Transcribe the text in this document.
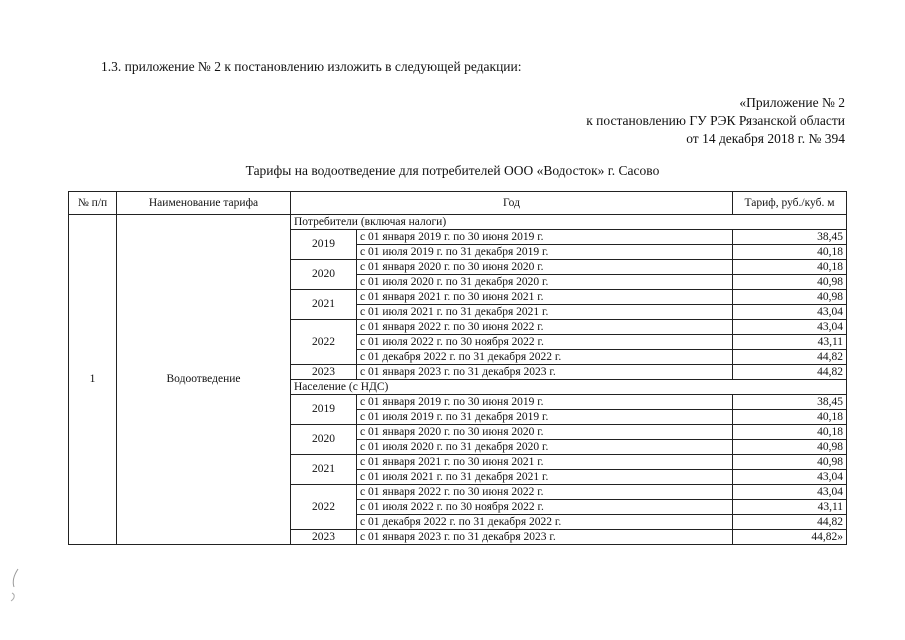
1.3. приложение № 2 к постановлению изложить в следующей редакции:
«Приложение № 2
к постановлению ГУ РЭК Рязанской области
от 14 декабря 2018 г. № 394
Тарифы на водоотведение для потребителей ООО «Водосток» г. Сасово
№ п/п	Наименование тарифа	Год		Тариф, руб./куб. м
1	Водоотведение	Потребители (включая налоги)		
		2019	с 01 января 2019 г. по 30 июня 2019 г.	38,45
			с 01 июля 2019 г. по 31 декабря 2019 г.	40,18
		2020	с 01 января 2020 г. по 30 июня 2020 г.	40,18
			с 01 июля 2020 г. по 31 декабря 2020 г.	40,98
		2021	с 01 января 2021 г. по 30 июня 2021 г.	40,98
			с 01 июля 2021 г. по 31 декабря 2021 г.	43,04
		2022	с 01 января 2022 г. по 30 июня 2022 г.	43,04
			с 01 июля 2022 г. по 30 ноября 2022 г.	43,11
			с 01 декабря 2022 г. по 31 декабря 2022 г.	44,82
		2023	с 01 января 2023 г. по 31 декабря 2023 г.	44,82
		Население (с НДС)		
		2019	с 01 января 2019 г. по 30 июня 2019 г.	38,45
			с 01 июля 2019 г. по 31 декабря 2019 г.	40,18
		2020	с 01 января 2020 г. по 30 июня 2020 г.	40,18
			с 01 июля 2020 г. по 31 декабря 2020 г.	40,98
		2021	с 01 января 2021 г. по 30 июня 2021 г.	40,98
			с 01 июля 2021 г. по 31 декабря 2021 г.	43,04
		2022	с 01 января 2022 г. по 30 июня 2022 г.	43,04
			с 01 июля 2022 г. по 30 ноября 2022 г.	43,11
			с 01 декабря 2022 г. по 31 декабря 2022 г.	44,82
		2023	с 01 января 2023 г. по 31 декабря 2023 г.	44,82»
